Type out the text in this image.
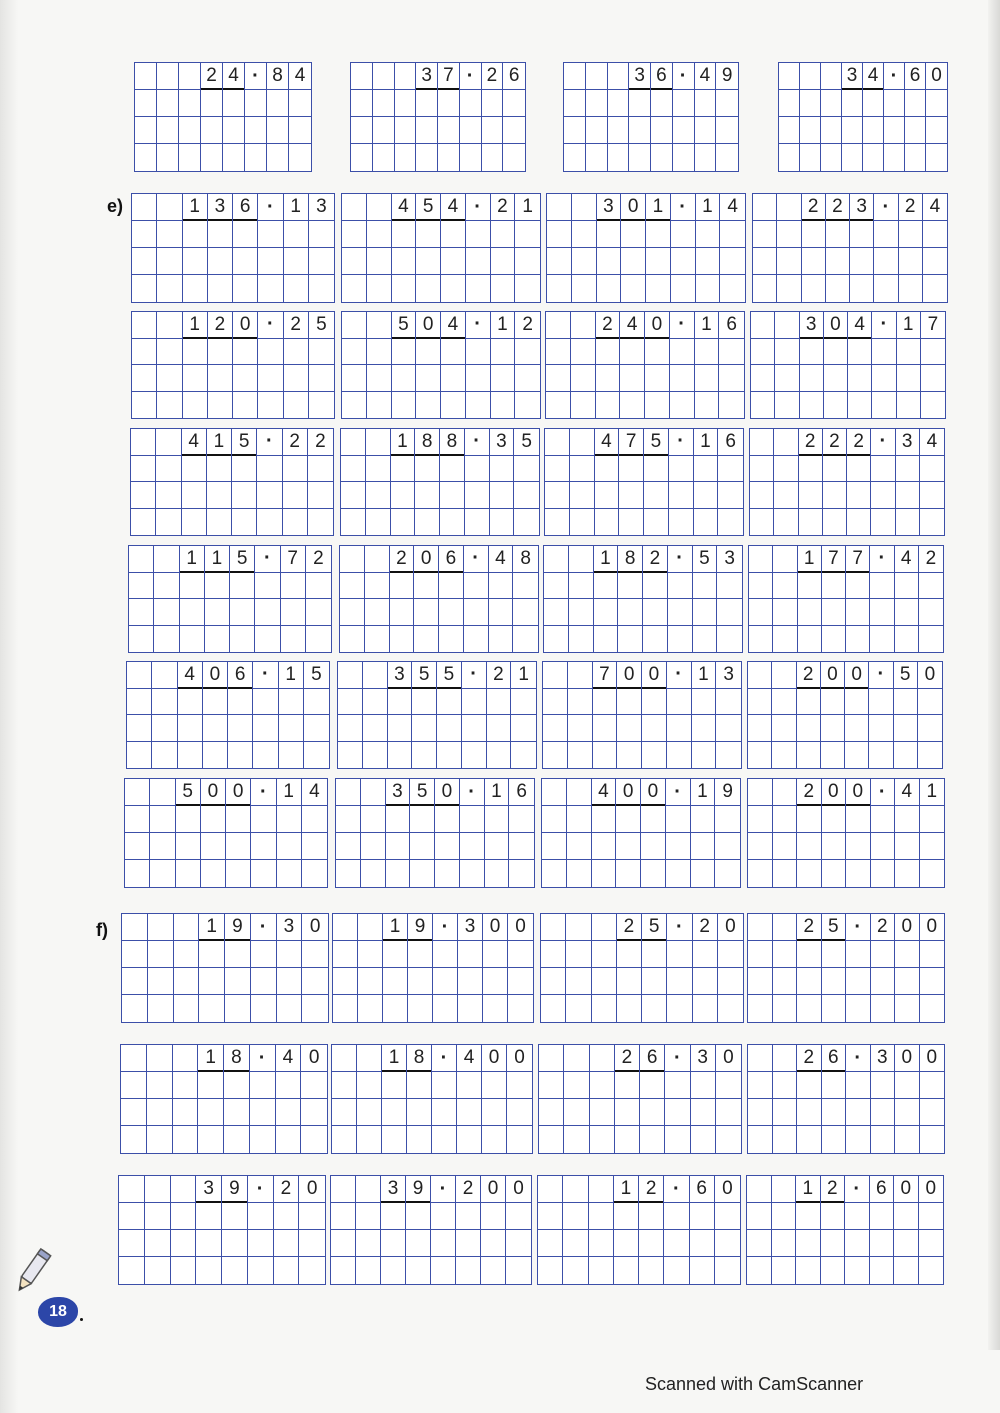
e)
f)
2 4 · 8 4	3 7 · 2 6	3 6 · 4 9	3 4 · 6 0
1 3 6 · 1 3	4 5 4 · 2 1	3 0 1 · 1 4	2 2 3 · 2 4
1 2 0 · 2 5	5 0 4 · 1 2	2 4 0 · 1 6	3 0 4 · 1 7
4 1 5 · 2 2	1 8 8 · 3 5	4 7 5 · 1 6	2 2 2 · 3 4
1 1 5 · 7 2	2 0 6 · 4 8	1 8 2 · 5 3	1 7 7 · 4 2
4 0 6 · 1 5	3 5 5 · 2 1	7 0 0 · 1 3	2 0 0 · 5 0
5 0 0 · 1 4	3 5 0 · 1 6	4 0 0 · 1 9	2 0 0 · 4 1
1 9 · 3 0	1 9 · 3 0 0	2 5 · 2 0	2 5 · 2 0 0
1 8 · 4 0	1 8 · 4 0 0	2 6 · 3 0	2 6 · 3 0 0
3 9 · 2 0	3 9 · 2 0 0	1 2 · 6 0	1 2 · 6 0 0
18
Scanned with CamScanner
